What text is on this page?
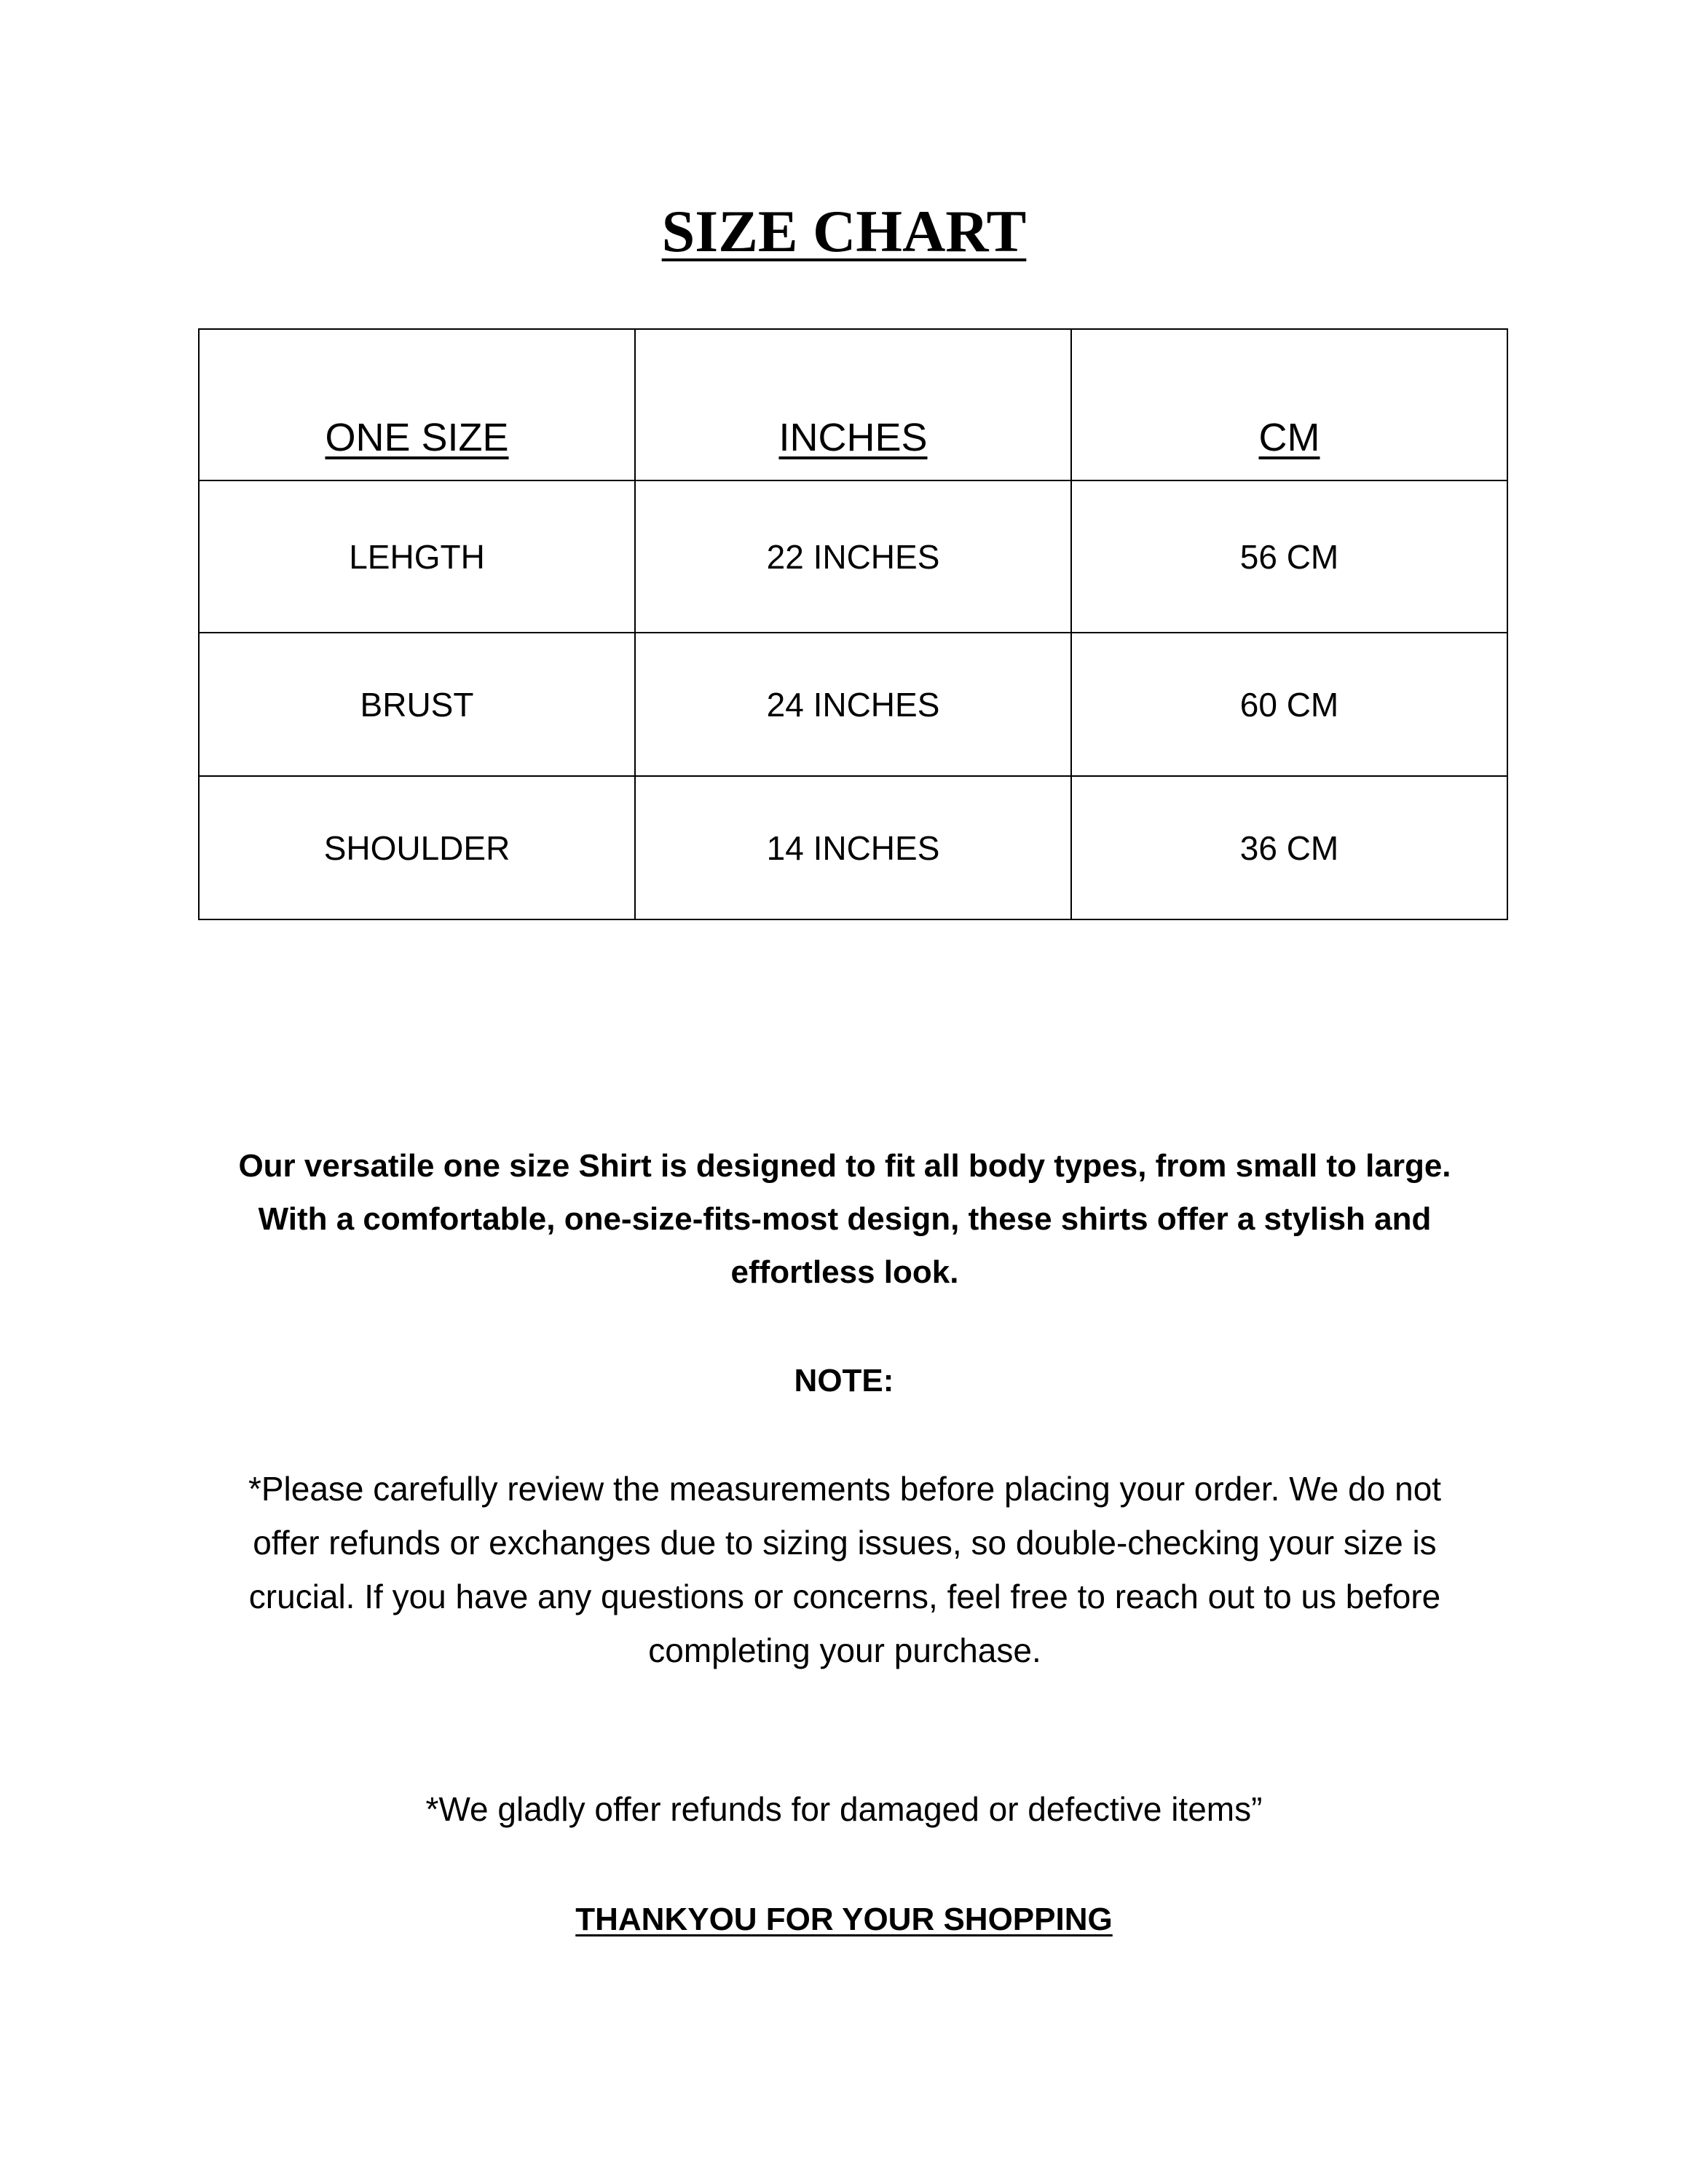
SIZE CHART
ONE SIZE	INCHES	CM
LEHGTH	22 INCHES	56 CM
BRUST	24 INCHES	60 CM
SHOULDER	14 INCHES	36 CM

Our versatile one size Shirt is designed to fit all body types, from small to large.
With a comfortable, one-size-fits-most design, these shirts offer a stylish and
effortless look.

NOTE:

*Please carefully review the measurements before placing your order. We do not
offer refunds or exchanges due to sizing issues, so double-checking your size is
crucial. If you have any questions or concerns, feel free to reach out to us before
completing your purchase.

*We gladly offer refunds for damaged or defective items”

THANKYOU FOR YOUR SHOPPING
